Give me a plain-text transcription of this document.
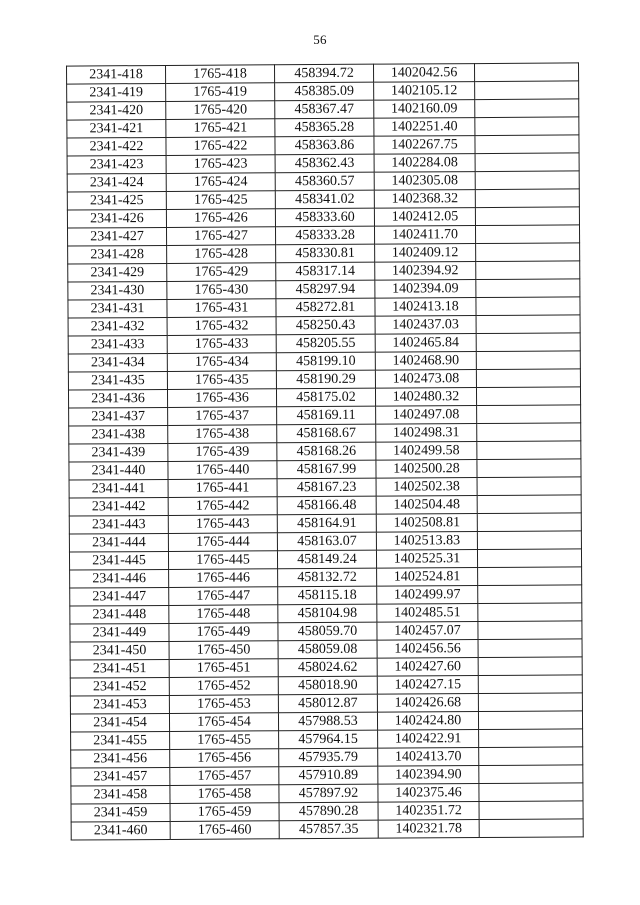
56
2341-418	1765-418	458394.72	1402042.56	
2341-419	1765-419	458385.09	1402105.12	
2341-420	1765-420	458367.47	1402160.09	
2341-421	1765-421	458365.28	1402251.40	
2341-422	1765-422	458363.86	1402267.75	
2341-423	1765-423	458362.43	1402284.08	
2341-424	1765-424	458360.57	1402305.08	
2341-425	1765-425	458341.02	1402368.32	
2341-426	1765-426	458333.60	1402412.05	
2341-427	1765-427	458333.28	1402411.70	
2341-428	1765-428	458330.81	1402409.12	
2341-429	1765-429	458317.14	1402394.92	
2341-430	1765-430	458297.94	1402394.09	
2341-431	1765-431	458272.81	1402413.18	
2341-432	1765-432	458250.43	1402437.03	
2341-433	1765-433	458205.55	1402465.84	
2341-434	1765-434	458199.10	1402468.90	
2341-435	1765-435	458190.29	1402473.08	
2341-436	1765-436	458175.02	1402480.32	
2341-437	1765-437	458169.11	1402497.08	
2341-438	1765-438	458168.67	1402498.31	
2341-439	1765-439	458168.26	1402499.58	
2341-440	1765-440	458167.99	1402500.28	
2341-441	1765-441	458167.23	1402502.38	
2341-442	1765-442	458166.48	1402504.48	
2341-443	1765-443	458164.91	1402508.81	
2341-444	1765-444	458163.07	1402513.83	
2341-445	1765-445	458149.24	1402525.31	
2341-446	1765-446	458132.72	1402524.81	
2341-447	1765-447	458115.18	1402499.97	
2341-448	1765-448	458104.98	1402485.51	
2341-449	1765-449	458059.70	1402457.07	
2341-450	1765-450	458059.08	1402456.56	
2341-451	1765-451	458024.62	1402427.60	
2341-452	1765-452	458018.90	1402427.15	
2341-453	1765-453	458012.87	1402426.68	
2341-454	1765-454	457988.53	1402424.80	
2341-455	1765-455	457964.15	1402422.91	
2341-456	1765-456	457935.79	1402413.70	
2341-457	1765-457	457910.89	1402394.90	
2341-458	1765-458	457897.92	1402375.46	
2341-459	1765-459	457890.28	1402351.72	
2341-460	1765-460	457857.35	1402321.78	
